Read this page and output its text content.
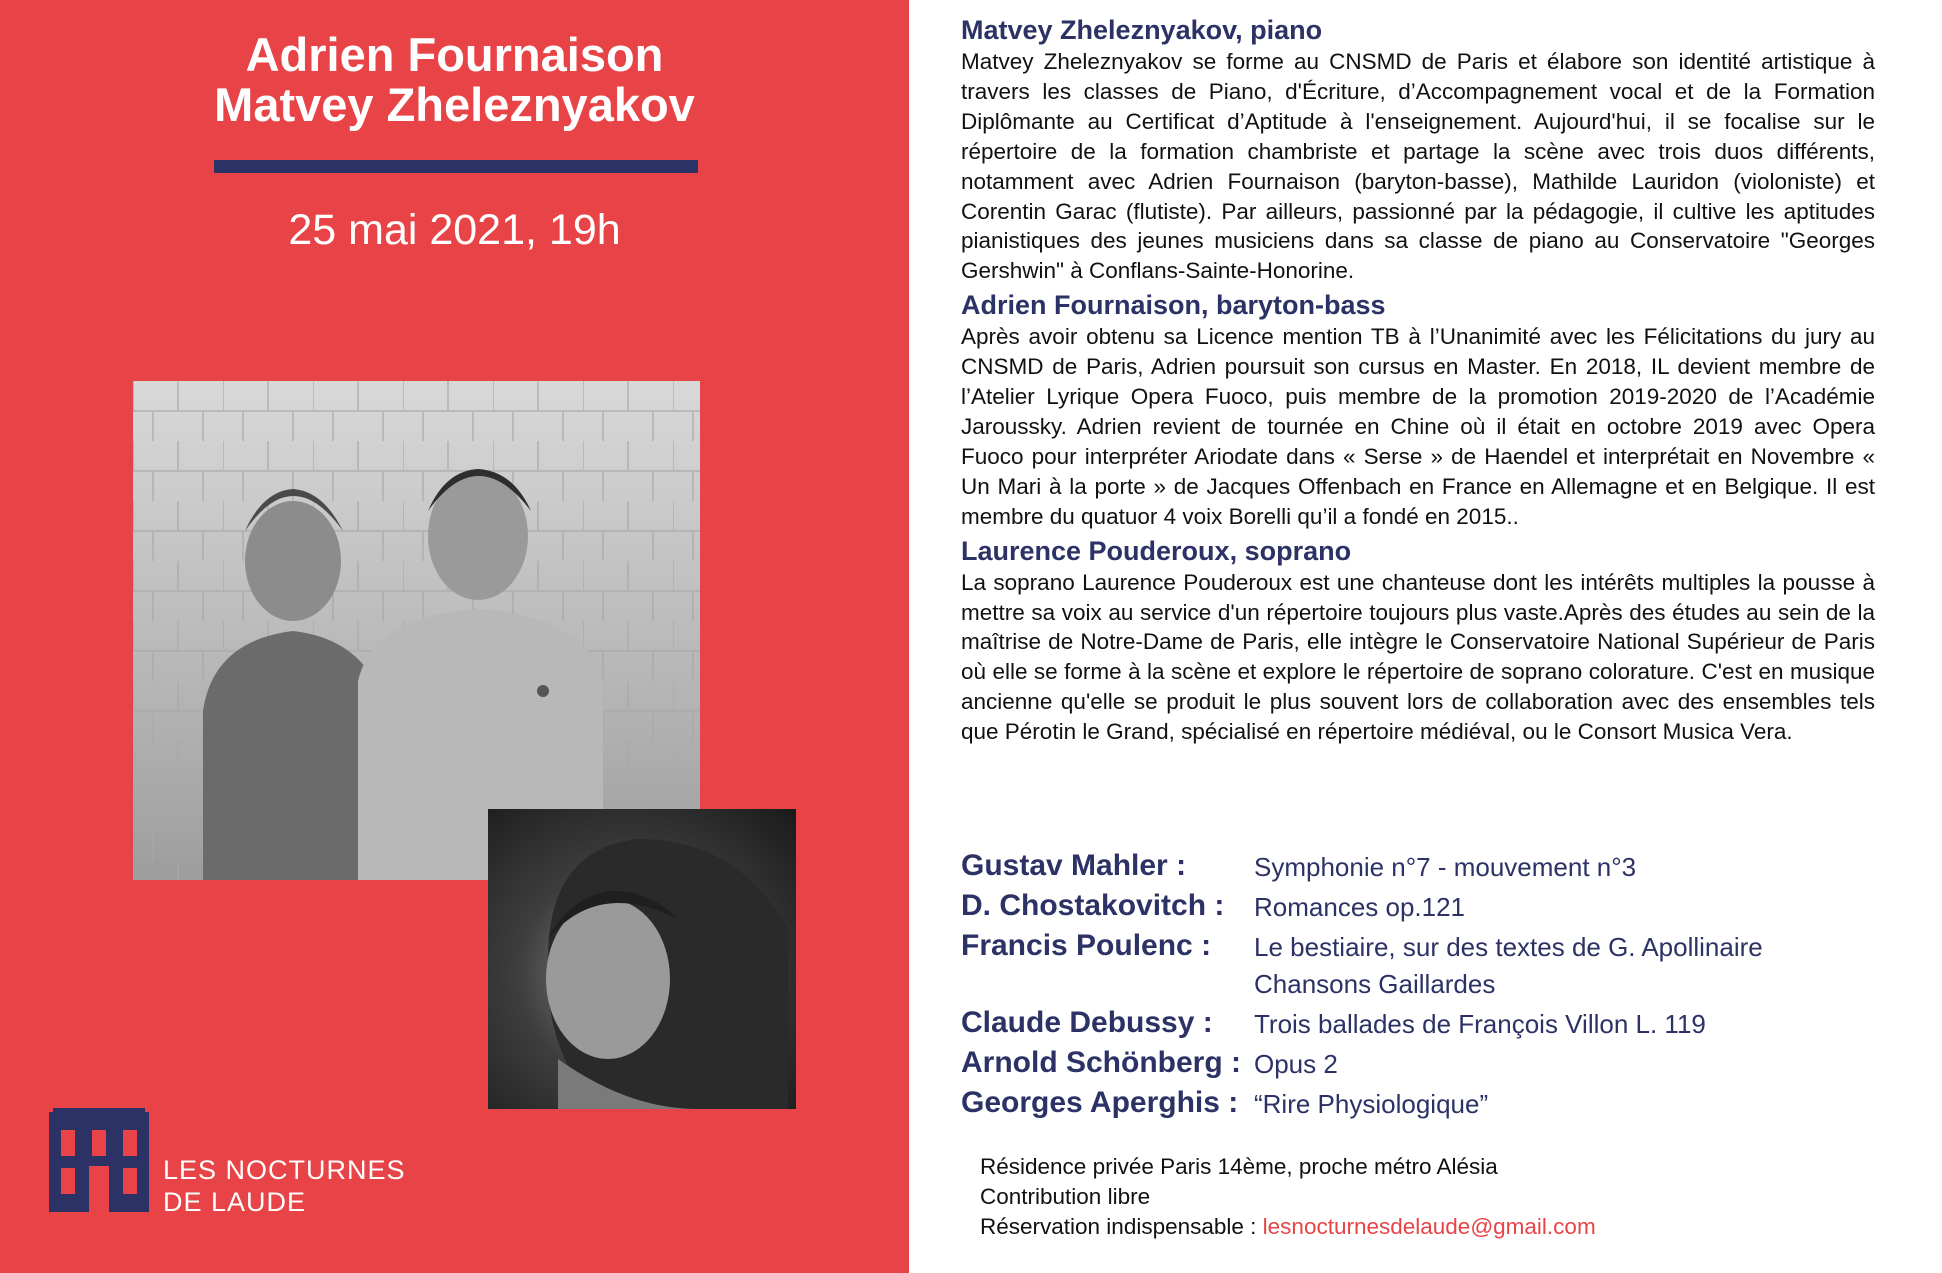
Adrien Fournaison
Matvey Zheleznyakov
25 mai 2021, 19h
LES NOCTURNES
DE LAUDE
Matvey Zheleznyakov, piano
Matvey Zheleznyakov se forme au CNSMD de Paris et élabore son identité artistique à travers les classes de Piano, d'Écriture, d’Accompagnement vocal et de la Formation Diplômante au Certificat d’Aptitude à l'enseignement. Aujourd'hui, il se focalise sur le répertoire de la formation chambriste et partage la scène avec trois duos différents, notamment avec Adrien Fournaison (baryton-basse), Mathilde Lauridon (violoniste) et Corentin Garac (flutiste). Par ailleurs, passionné par la pédagogie, il cultive les aptitudes pianistiques des jeunes musiciens dans sa classe de piano au Conservatoire "Georges Gershwin" à Conflans-Sainte-Honorine.
Adrien Fournaison, baryton-bass
Après avoir obtenu sa Licence mention TB à l’Unanimité avec les Félicitations du jury au CNSMD de Paris, Adrien poursuit son cursus en Master. En 2018, IL devient membre de l’Atelier Lyrique Opera Fuoco, puis membre de la promotion 2019-2020 de l’Académie Jaroussky. Adrien revient de tournée en Chine où il était en octobre 2019 avec Opera Fuoco pour interpréter Ariodate dans « Serse » de Haendel et interprétait en Novembre « Un Mari à la porte » de Jacques Offenbach en France en Allemagne et en Belgique. Il est membre du quatuor 4 voix Borelli qu’il a fondé en 2015..
Laurence Pouderoux, soprano
La soprano Laurence Pouderoux est une chanteuse dont les intérêts multiples la pousse à mettre sa voix au service d'un répertoire toujours plus vaste.Après des études au sein de la maîtrise de Notre-Dame de Paris, elle intègre le Conservatoire National Supérieur de Paris où elle se forme à la scène et explore le répertoire de soprano colorature. C'est en musique ancienne qu'elle se produit le plus souvent lors de collaboration avec des ensembles tels que Pérotin le Grand, spécialisé en répertoire médiéval, ou le Consort Musica Vera.
Gustav Mahler :	Symphonie n°7 - mouvement n°3
D. Chostakovitch :	Romances op.121
Francis Poulenc :	Le bestiaire, sur des textes de G. Apollinaire
Chansons Gaillardes
Claude Debussy :	Trois ballades de François Villon L. 119
Arnold Schönberg : Opus 2
Georges Aperghis : “Rire Physiologique”
Résidence privée Paris 14ème, proche métro Alésia
Contribution libre
Réservation indispensable : lesnocturnesdelaude@gmail.com
